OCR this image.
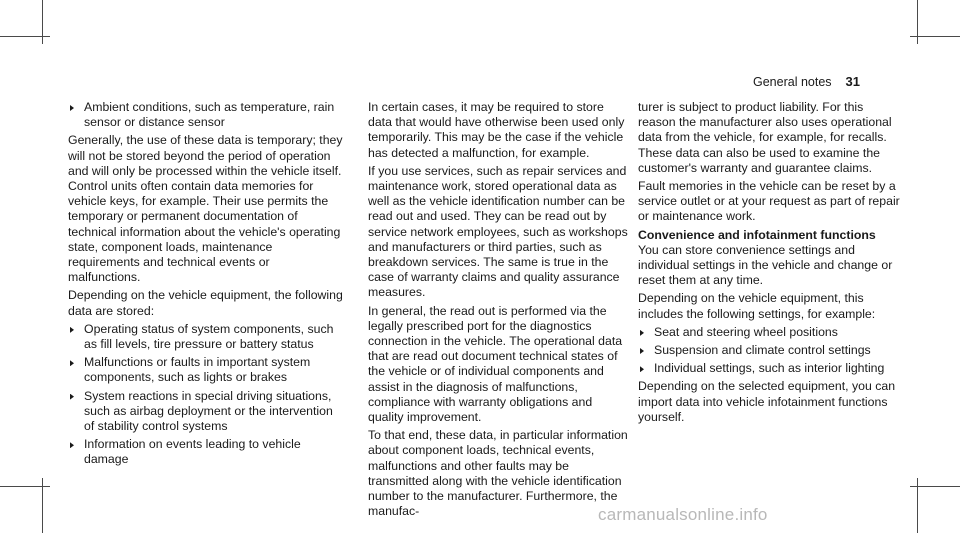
General notes 31
Ambient conditions, such as temperature, rain sensor or distance sensor

Generally, the use of these data is temporary; they will not be stored beyond the period of operation and will only be processed within the vehicle itself. Control units often contain data memories for vehicle keys, for example. Their use permits the temporary or permanent documentation of technical information about the vehicle's operating state, component loads, maintenance requirements and technical events or malfunctions.

Depending on the vehicle equipment, the following data are stored:

Operating status of system components, such as fill levels, tire pressure or battery status
Malfunctions or faults in important system components, such as lights or brakes
System reactions in special driving situations, such as airbag deployment or the intervention of stability control systems
Information on events leading to vehicle damage

In certain cases, it may be required to store data that would have otherwise been used only temporarily. This may be the case if the vehicle has detected a malfunction, for example.

If you use services, such as repair services and maintenance work, stored operational data as well as the vehicle identification number can be read out and used. They can be read out by service network employees, such as workshops and manufacturers or third parties, such as breakdown services. The same is true in the case of warranty claims and quality assurance measures.

In general, the read out is performed via the legally prescribed port for the diagnostics connection in the vehicle. The operational data that are read out document technical states of the vehicle or of individual components and assist in the diagnosis of malfunctions, compliance with warranty obligations and quality improvement.

To that end, these data, in particular information about component loads, technical events, malfunctions and other faults may be transmitted along with the vehicle identification number to the manufacturer. Furthermore, the manufac-

turer is subject to product liability. For this reason the manufacturer also uses operational data from the vehicle, for example, for recalls. These data can also be used to examine the customer's warranty and guarantee claims.

Fault memories in the vehicle can be reset by a service outlet or at your request as part of repair or maintenance work.

Convenience and infotainment functions

You can store convenience settings and individual settings in the vehicle and change or reset them at any time.

Depending on the vehicle equipment, this includes the following settings, for example:

Seat and steering wheel positions
Suspension and climate control settings
Individual settings, such as interior lighting

Depending on the selected equipment, you can import data into vehicle infotainment functions yourself.

carmanualsonline.info
